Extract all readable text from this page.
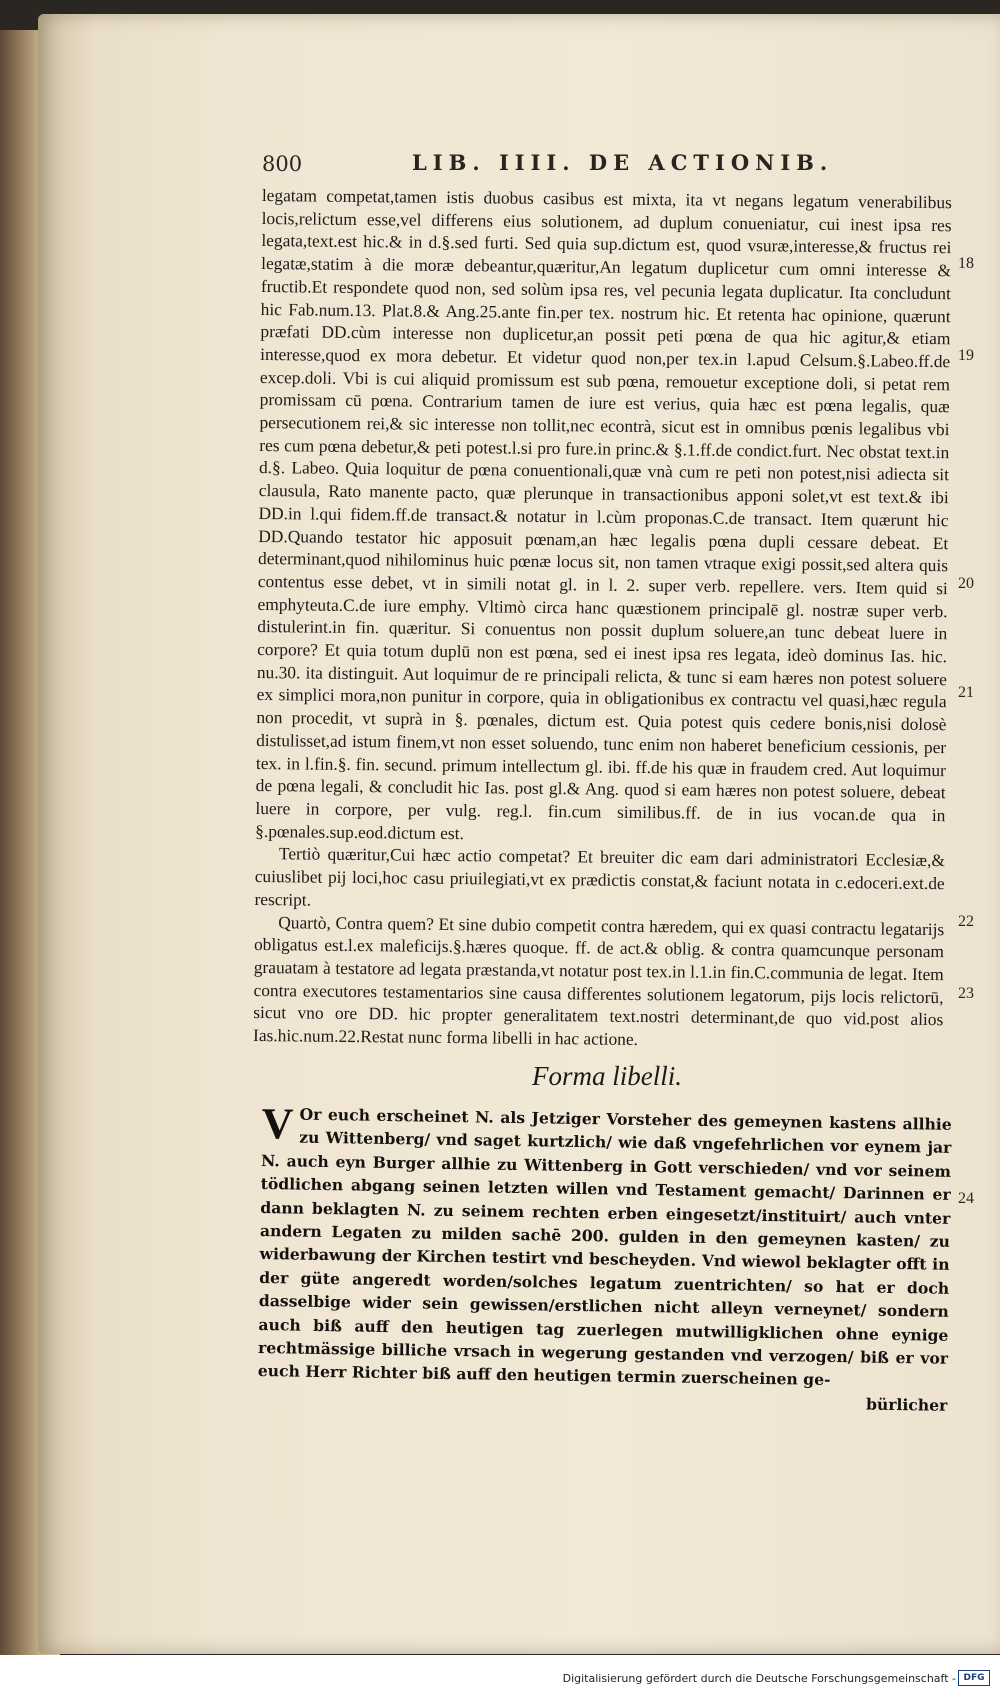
800	LIB. IIII. DE ACTIONIB.

legatam competat,tamen istis duobus casibus est mixta, ita vt negans legatum venerabilibus locis,relictum esse,vel differens eius solutionem, ad duplum conueniatur, cui inest ipsa res legata,text.est hic.& in d.§.sed furti. Sed quia sup.dictum est, quod vsuræ,interesse,& fructus rei legatæ,statim à die moræ debeantur,quæritur,An legatum duplicetur cum omni interesse & fructib.Et respondete quod non, sed solùm ipsa res, vel pecunia legata duplicatur. Ita concludunt hic Fab.num.13. Plat.8.& Ang.25.ante fin.per tex. nostrum hic. Et retenta hac opinione, quærunt præfati DD.cùm interesse non duplicetur,an possit peti pœna de qua hic agitur,& etiam interesse,quod ex mora debetur. Et videtur quod non,per tex.in l.apud Celsum.§.Labeo.ff.de excep.doli. Vbi is cui aliquid promissum est sub pœna, remouetur exceptione doli, si petat rem promissam cū pœna. Contrarium tamen de iure est verius, quia hæc est pœna legalis, quæ persecutionem rei,& sic interesse non tollit,nec econtrà, sicut est in omnibus pœnis legalibus vbi res cum pœna debetur,& peti potest.l.si pro fure.in princ.& §.1.ff.de condict.furt. Nec obstat text.in d.§. Labeo. Quia loquitur de pœna conuentionali,quæ vnà cum re peti non potest,nisi adiecta sit clausula, Rato manente pacto, quæ plerunque in transactionibus apponi solet,vt est text.& ibi DD.in l.qui fidem.ff.de transact.& notatur in l.cùm proponas.C.de transact. Item quærunt hic DD.Quando testator hic apposuit pœnam,an hæc legalis pœna dupli cessare debeat. Et determinant,quod nihilominus huic pœnæ locus sit, non tamen vtraque exigi possit,sed altera quis contentus esse debet, vt in simili notat gl. in l. 2. super verb. repellere. vers. Item quid si emphyteuta.C.de iure emphy. Vltimò circa hanc quæstionem principalē gl. nostræ super verb. distulerint.in fin. quæritur. Si conuentus non possit duplum soluere,an tunc debeat luere in corpore? Et quia totum duplū non est pœna, sed ei inest ipsa res legata, ideò dominus Ias. hic. nu.30. ita distinguit. Aut loquimur de re principali relicta, & tunc si eam hæres non potest soluere ex simplici mora,non punitur in corpore, quia in obligationibus ex contractu vel quasi,hæc regula non procedit, vt suprà in §. pœnales, dictum est. Quia potest quis cedere bonis,nisi dolosè distulisset,ad istum finem,vt non esset soluendo, tunc enim non haberet beneficium cessionis, per tex. in l.fin.§. fin. secund. primum intellectum gl. ibi. ff.de his quæ in fraudem cred. Aut loquimur de pœna legali, & concludit hic Ias. post gl.& Ang. quod si eam hæres non potest soluere, debeat luere in corpore, per vulg. reg.l. fin.cum similibus.ff. de in ius vocan.de qua in §.pœnales.sup.eod.dictum est.

Tertiò quæritur,Cui hæc actio competat? Et breuiter dic eam dari administratori Ecclesiæ,& cuiuslibet pij loci,hoc casu priuilegiati,vt ex prædictis constat,& faciunt notata in c.edoceri.ext.de rescript.

Quartò, Contra quem? Et sine dubio competit contra hæredem, qui ex quasi contractu legatarijs obligatus est.l.ex maleficijs.§.hæres quoque. ff. de act.& oblig. & contra quamcunque personam grauatam à testatore ad legata præstanda,vt notatur post tex.in l.1.in fin.C.communia de legat. Item contra executores testamentarios sine causa differentes solutionem legatorum, pijs locis relictorū, sicut vno ore DD. hic propter generalitatem text.nostri determinant,de quo vid.post alios Ias.hic.num.22.Restat nunc forma libelli in hac actione.

Forma libelli.
V Or euch erscheinet N. als Jetziger Vorsteher des gemeynen kastens allhie zu Wittenberg/ vnd saget kurtzlich/ wie daß vngefehrlichen vor eynem jar N. auch eyn Burger allhie zu Wittenberg in Gott verschieden/ vnd vor seinem tödlichen abgang seinen letzten willen vnd Testament gemacht/ Darinnen er dann beklagten N. zu seinem rechten erben eingesetzt/instituirt/ auch vnter andern Legaten zu milden sachē 200. gulden in den gemeynen kasten/ zu widerbawung der Kirchen testirt vnd bescheyden. Vnd wiewol beklagter offt in der güte angeredt worden/solches legatum zuentrichten/ so hat er doch dasselbige wider sein gewissen/erstlichen nicht alleyn verneynet/ sondern auch biß auff den heutigen tag zuerlegen mutwilligklichen ohne eynige rechtmässige billiche vrsach in wegerung gestanden vnd verzogen/ biß er vor euch Herr Richter biß auff den heutigen termin zuerscheinen ge-
bürlicher
18
19
20
21
22
23
24
Digitalisierung gefördert durch die Deutsche Forschungsgemeinschaft - DFG
